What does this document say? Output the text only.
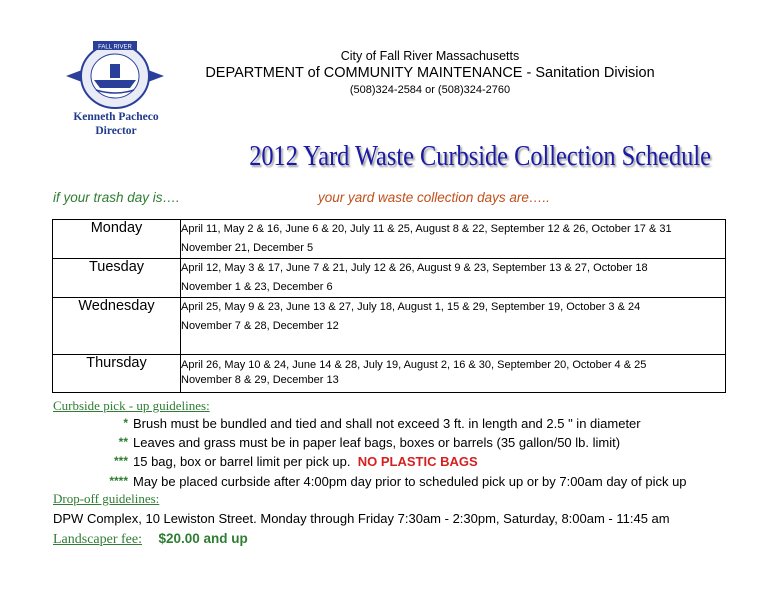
FALL RIVER
Kenneth Pacheco
Director
City of Fall River Massachusetts
DEPARTMENT of COMMUNITY MAINTENANCE - Sanitation Division
(508)324-2584 or (508)324-2760
2012 Yard Waste Curbside Collection Schedule
if your trash day is….	your yard waste collection days are…..
Monday	April 11, May 2 & 16, June 6 & 20, July 11 & 25, August 8 & 22, September 12 & 26, October 17 & 31
November 21, December 5

Tuesday	April 12, May 3 & 17, June 7 & 21, July 12 & 26, August 9 & 23, September 13 & 27, October 18
November 1 & 23, December 6

Wednesday	April 25, May 9 & 23, June 13 & 27, July 18, August 1, 15 & 29, September 19, October 3 & 24
November 7 & 28, December 12

Thursday	April 26, May 10 & 24, June 14 & 28, July 19, August 2, 16 & 30, September 20, October 4 & 25
November 8 & 29, December 13
Curbside pick - up guidelines:
* Brush must be bundled and tied and shall not exceed 3 ft. in length and 2.5 " in diameter
** Leaves and grass must be in paper leaf bags, boxes or barrels (35 gallon/50 lb. limit)
*** 15 bag, box or barrel limit per pick up. NO PLASTIC BAGS
**** May be placed curbside after 4:00pm day prior to scheduled pick up or by 7:00am day of pick up
Drop-off guidelines:
DPW Complex, 10 Lewiston Street. Monday through Friday 7:30am - 2:30pm, Saturday, 8:00am - 11:45 am
Landscaper fee: $20.00 and up
